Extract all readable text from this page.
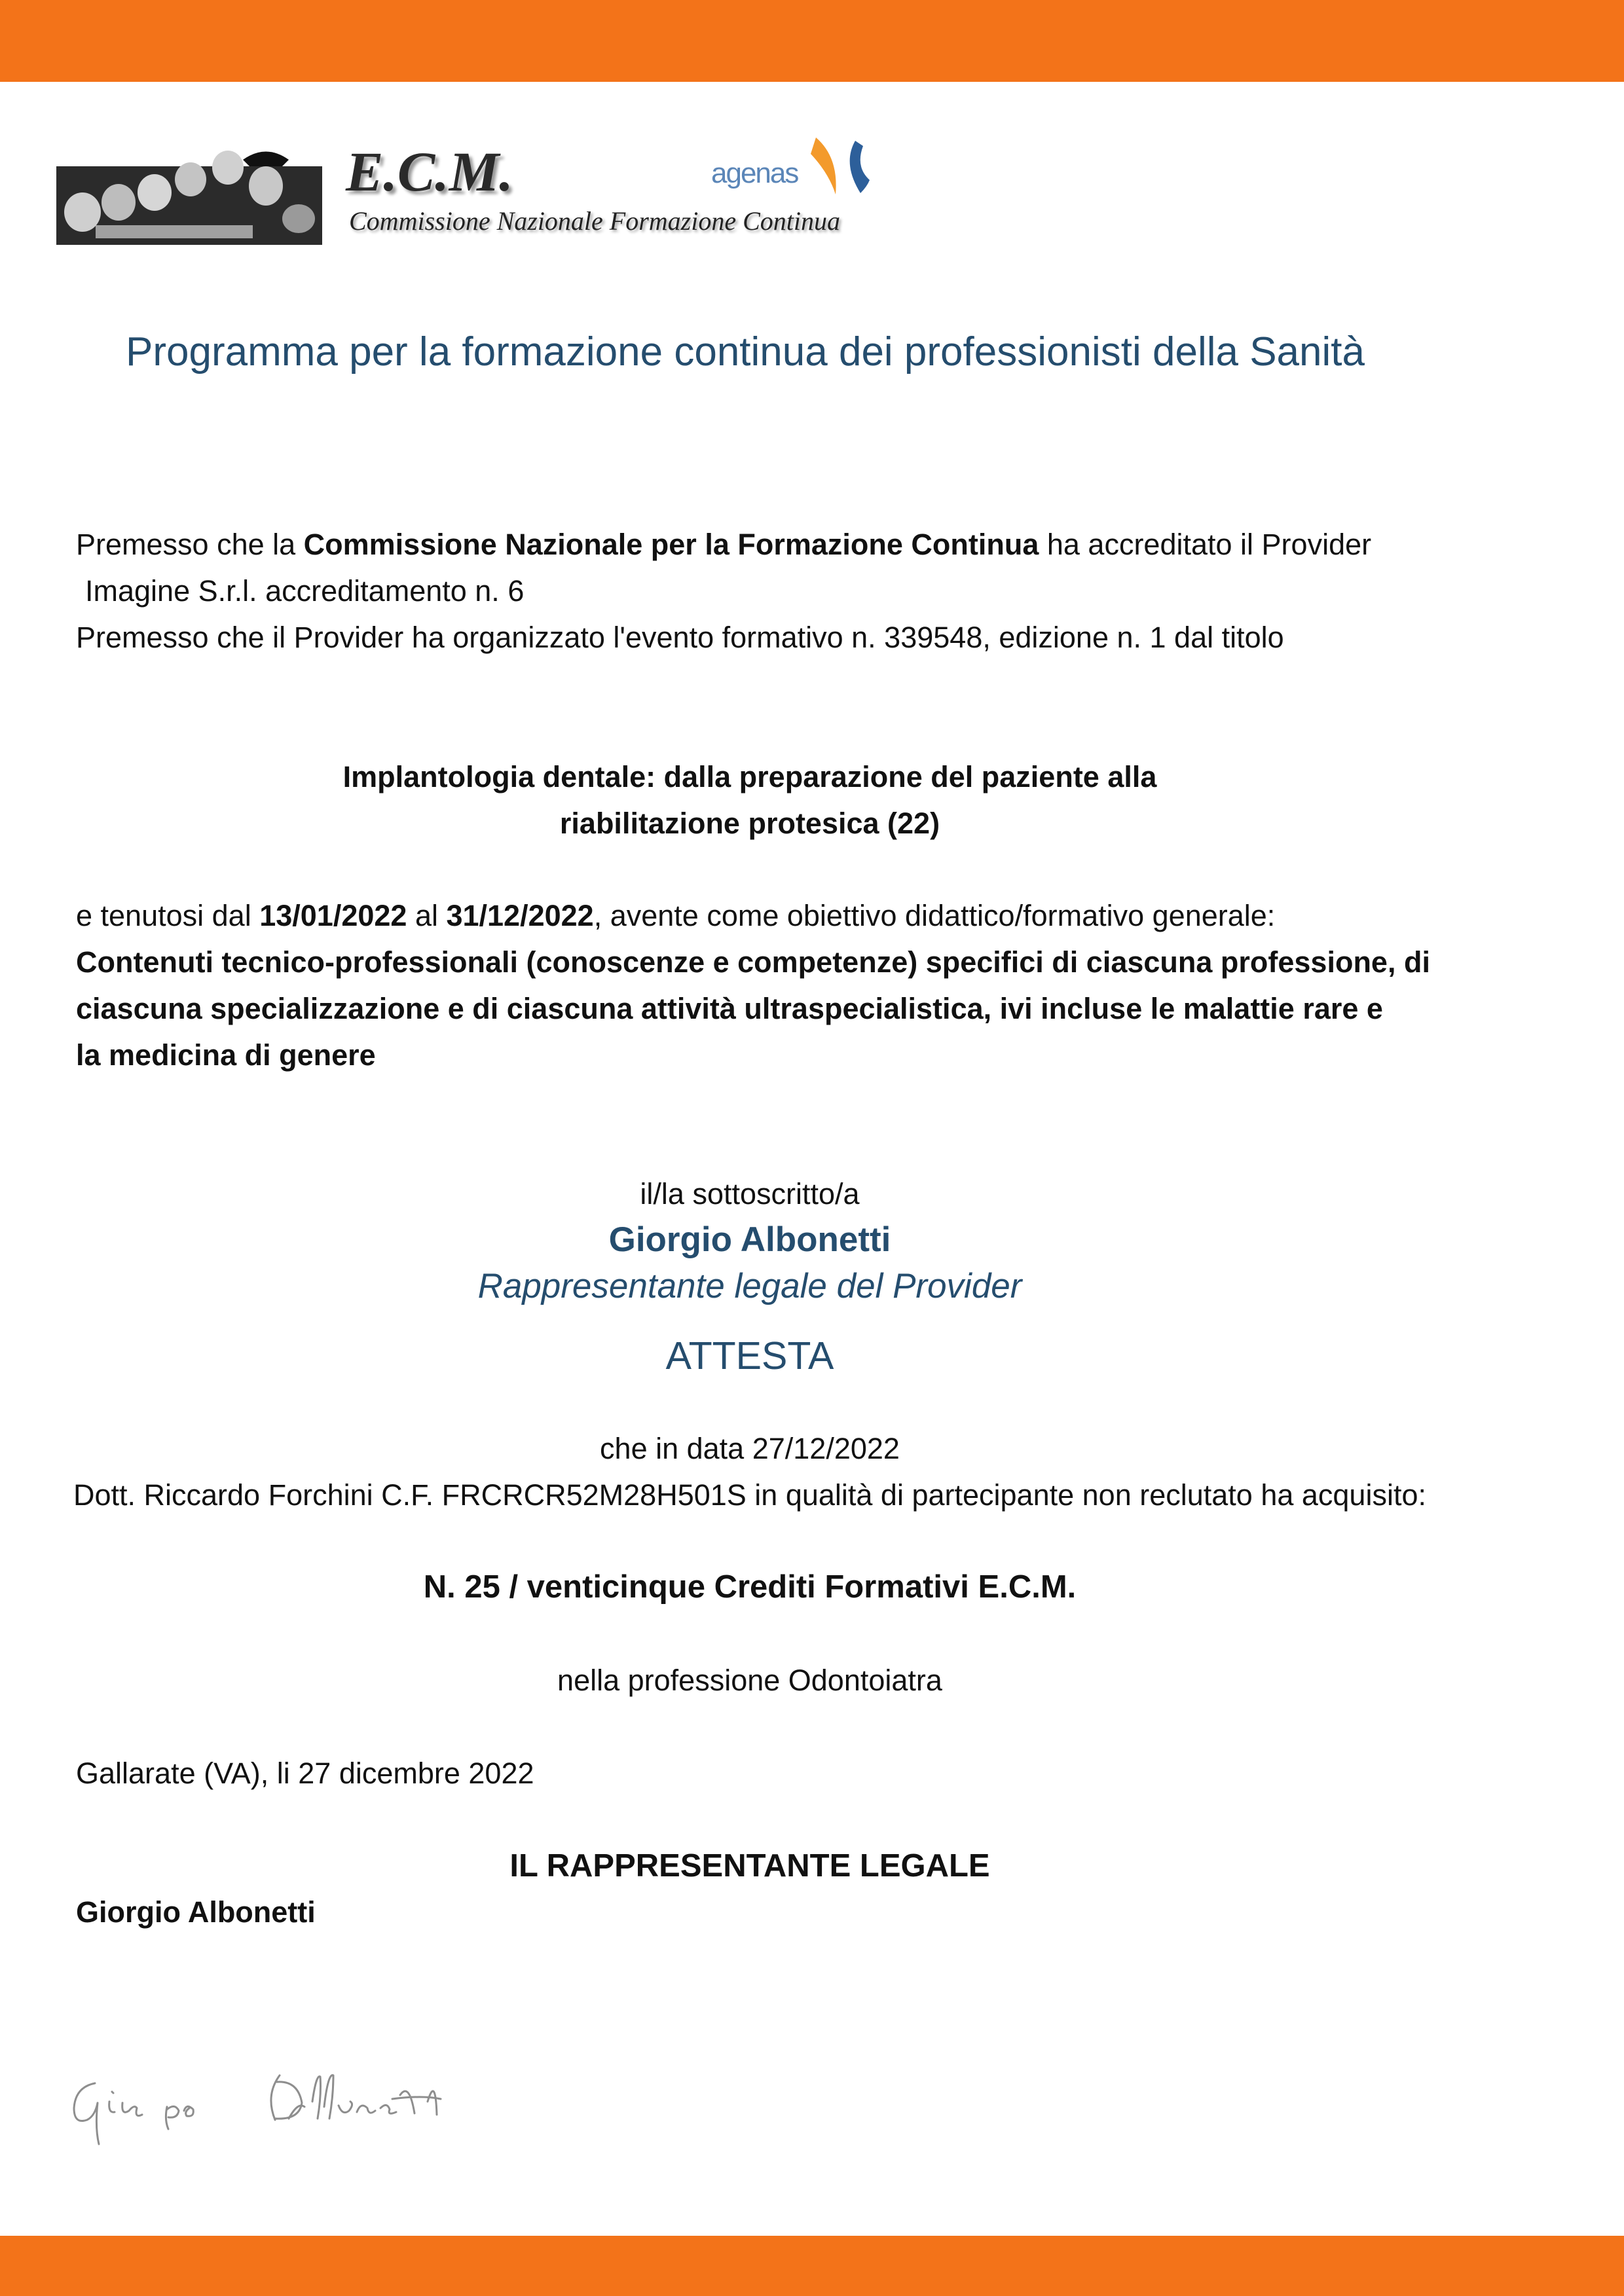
E.C.M.
Commissione Nazionale Formazione Continua
agenas
Programma per la formazione continua dei professionisti della Sanità
Premesso che la Commissione Nazionale per la Formazione Continua ha accreditato il Provider
Imagine S.r.l. accreditamento n. 6
Premesso che il Provider ha organizzato l'evento formativo n. 339548, edizione n. 1 dal titolo
Implantologia dentale: dalla preparazione del paziente alla
riabilitazione protesica (22)
e tenutosi dal 13/01/2022 al 31/12/2022, avente come obiettivo didattico/formativo generale:
Contenuti tecnico-professionali (conoscenze e competenze) specifici di ciascuna professione, di
ciascuna specializzazione e di ciascuna attività ultraspecialistica, ivi incluse le malattie rare e
la medicina di genere
il/la sottoscritto/a
Giorgio Albonetti
Rappresentante legale del Provider
ATTESTA
che in data 27/12/2022
Dott. Riccardo Forchini C.F. FRCRCR52M28H501S in qualità di partecipante non reclutato ha acquisito:
N. 25 / venticinque Crediti Formativi E.C.M.
nella professione Odontoiatra
Gallarate (VA), li 27 dicembre 2022
IL RAPPRESENTANTE LEGALE
Giorgio Albonetti
